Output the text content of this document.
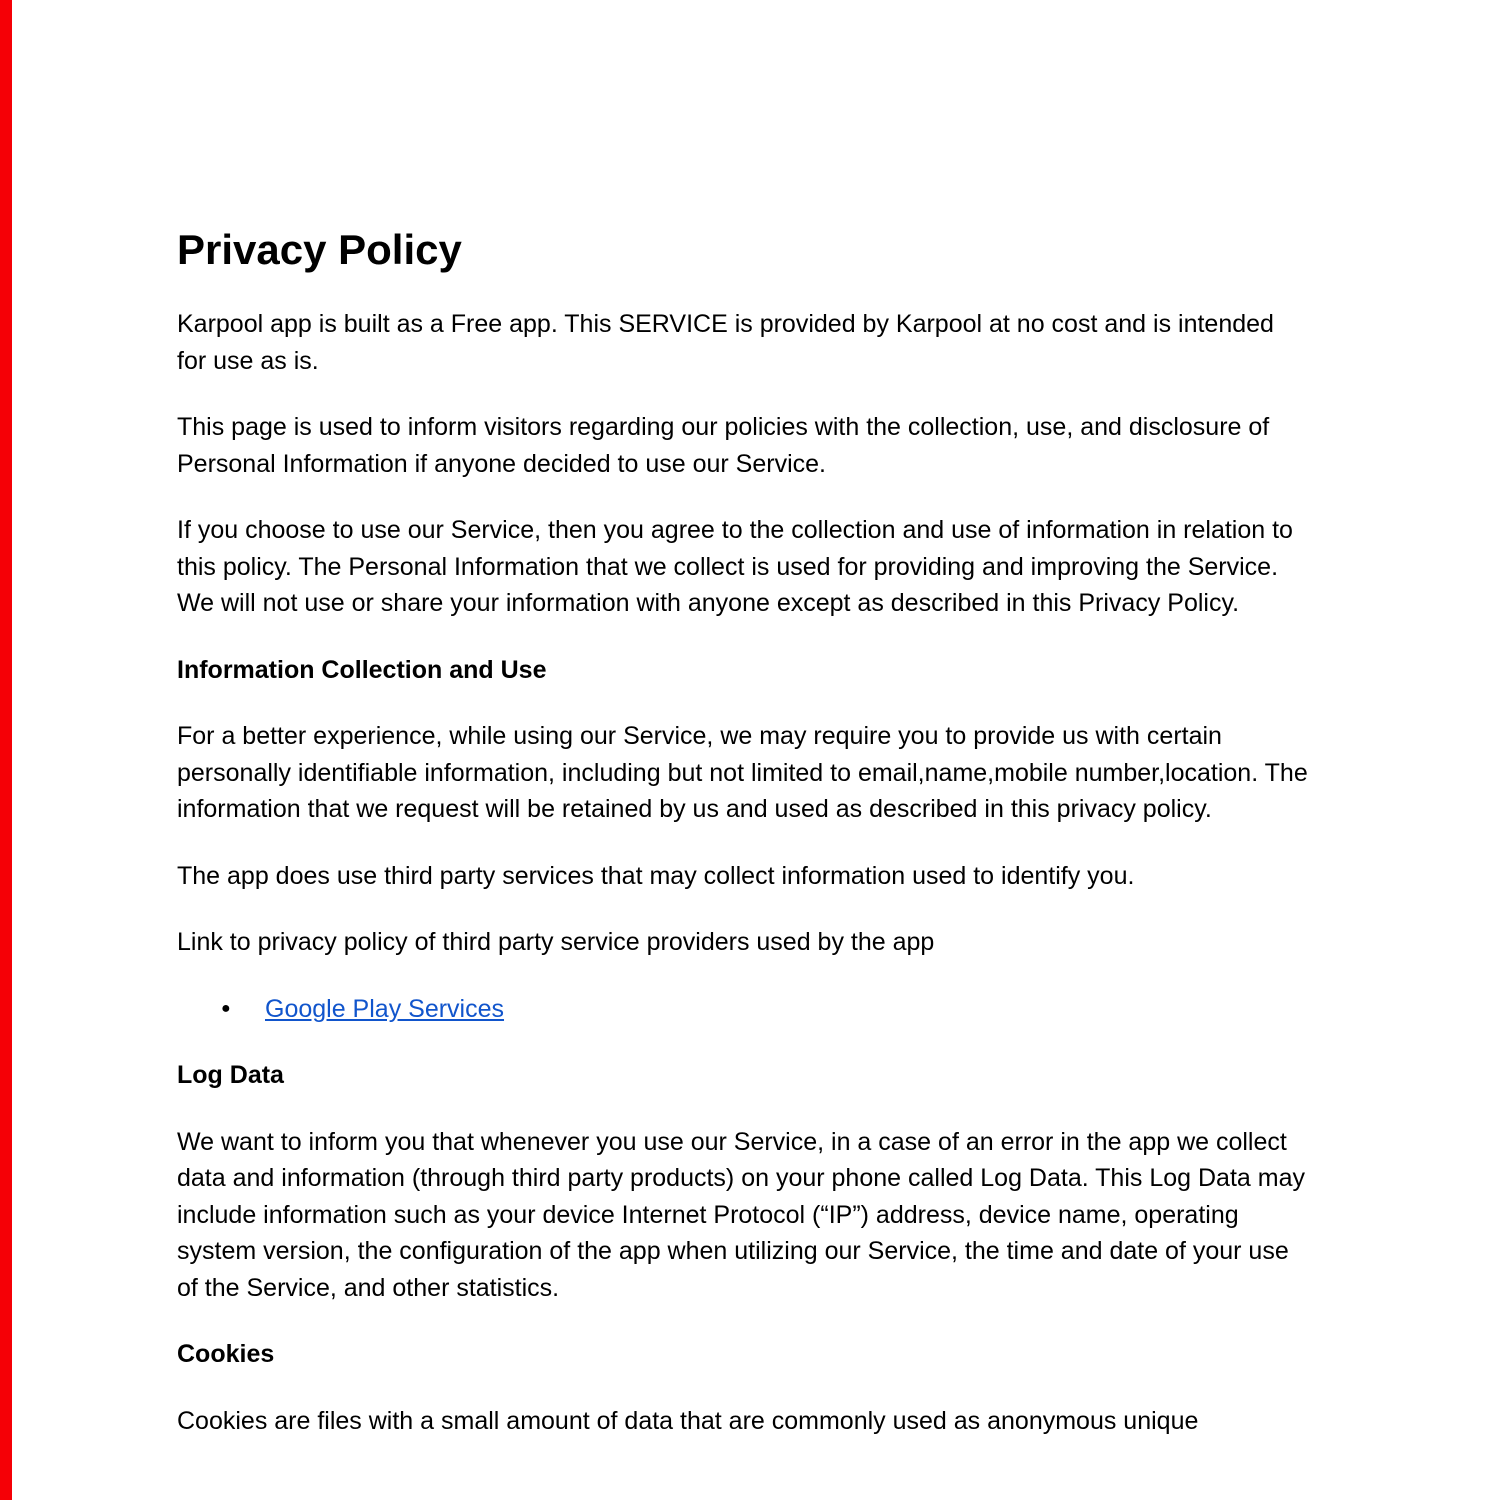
Privacy Policy

Karpool app is built as a Free app. This SERVICE is provided by Karpool at no cost and is intended for use as is.

This page is used to inform visitors regarding our policies with the collection, use, and disclosure of Personal Information if anyone decided to use our Service.

If you choose to use our Service, then you agree to the collection and use of information in relation to this policy. The Personal Information that we collect is used for providing and improving the Service. We will not use or share your information with anyone except as described in this Privacy Policy.

Information Collection and Use

For a better experience, while using our Service, we may require you to provide us with certain personally identifiable information, including but not limited to email,name,mobile number,location. The information that we request will be retained by us and used as described in this privacy policy.

The app does use third party services that may collect information used to identify you.

Link to privacy policy of third party service providers used by the app

● Google Play Services
Log Data

We want to inform you that whenever you use our Service, in a case of an error in the app we collect data and information (through third party products) on your phone called Log Data. This Log Data may include information such as your device Internet Protocol (“IP”) address, device name, operating system version, the configuration of the app when utilizing our Service, the time and date of your use of the Service, and other statistics.

Cookies

Cookies are files with a small amount of data that are commonly used as anonymous unique
